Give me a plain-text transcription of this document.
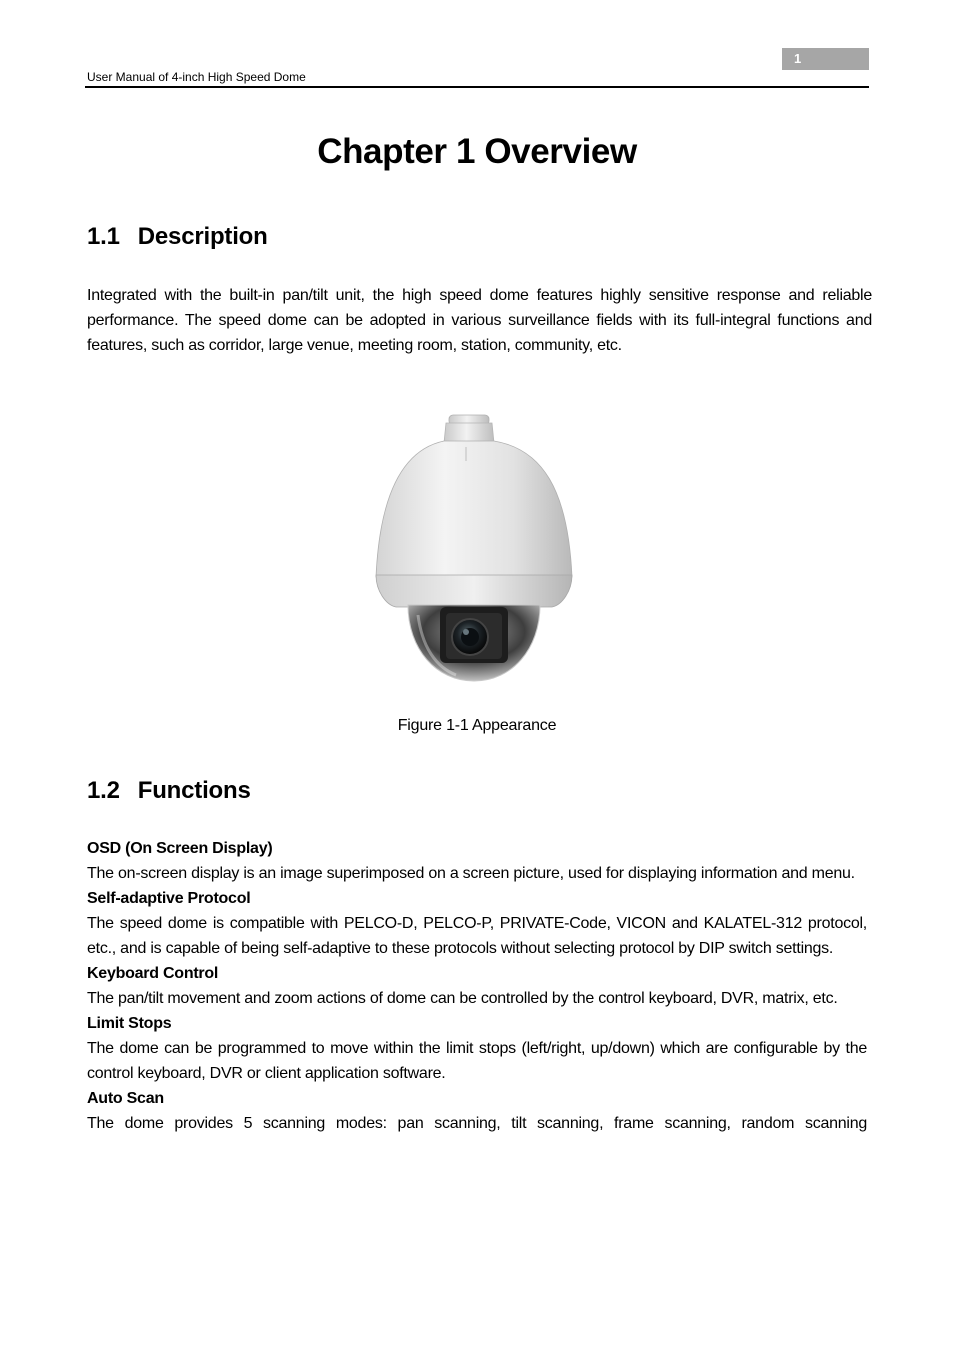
1
User Manual of 4-inch High Speed Dome
Chapter 1 Overview
1.1 Description
Integrated with the built-in pan/tilt unit, the high speed dome features highly sensitive response and reliable performance. The speed dome can be adopted in various surveillance fields with its full-integral functions and features, such as corridor, large venue, meeting room, station, community, etc.
Figure 1-1 Appearance
1.2 Functions
OSD (On Screen Display)
The on-screen display is an image superimposed on a screen picture, used for displaying information and menu.
Self-adaptive Protocol
The speed dome is compatible with PELCO-D, PELCO-P, PRIVATE-Code, VICON and KALATEL-312 protocol, etc., and is capable of being self-adaptive to these protocols without selecting protocol by DIP switch settings.
Keyboard Control
The pan/tilt movement and zoom actions of dome can be controlled by the control keyboard, DVR, matrix, etc.
Limit Stops
The dome can be programmed to move within the limit stops (left/right, up/down) which are configurable by the control keyboard, DVR or client application software.
Auto Scan
The dome provides 5 scanning modes: pan scanning, tilt scanning, frame scanning, random scanning
